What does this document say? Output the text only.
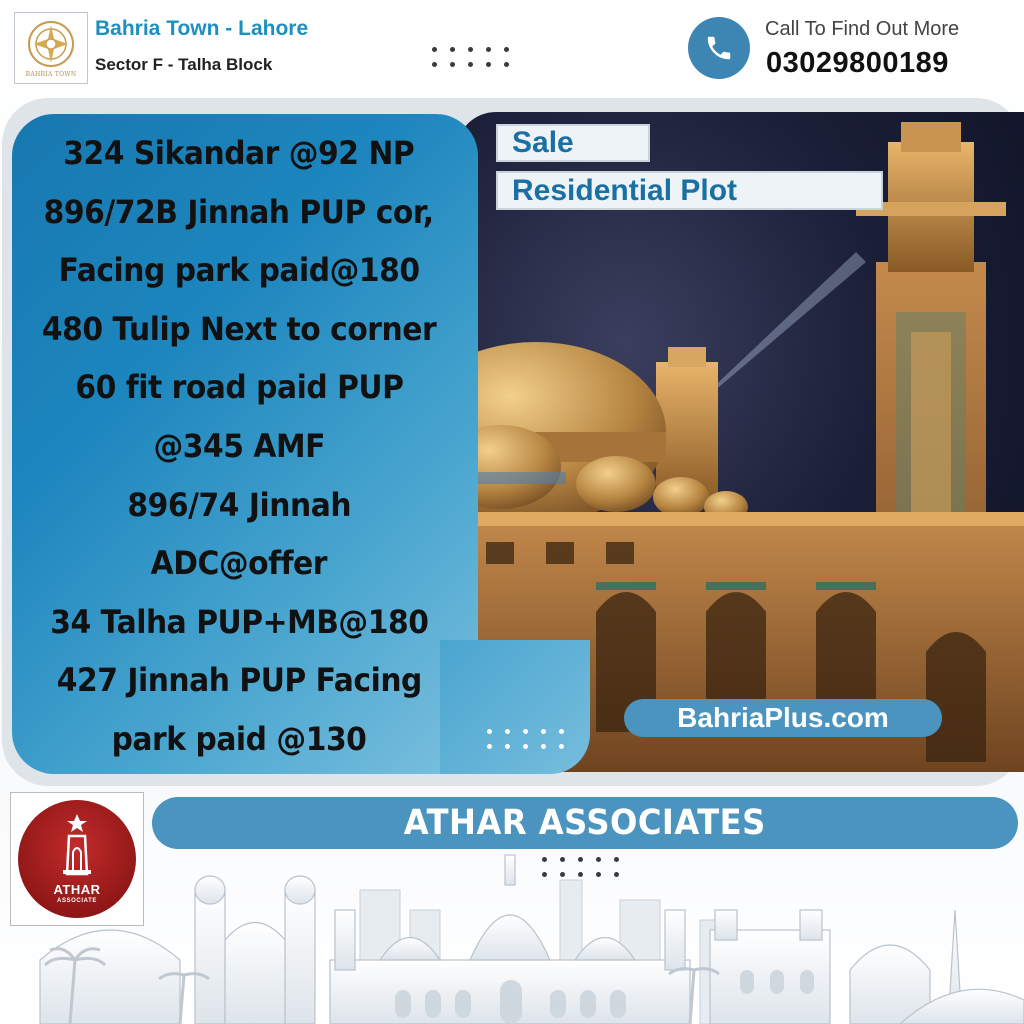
BAHRIA TOWN
Bahria Town - Lahore
Sector F - Talha Block
Call To Find Out More
03029800189
324 Sikandar @92 NP
896/72B Jinnah PUP cor,
Facing park paid@180
480 Tulip Next to corner
60 fit road paid PUP
@345 AMF
896/74 Jinnah
ADC@offer
34 Talha PUP+MB@180
427 Jinnah PUP Facing
park paid @130
Sale
Residential Plot
BahriaPlus.com
ATHAR
ASSOCIATE
ATHAR ASSOCIATES
